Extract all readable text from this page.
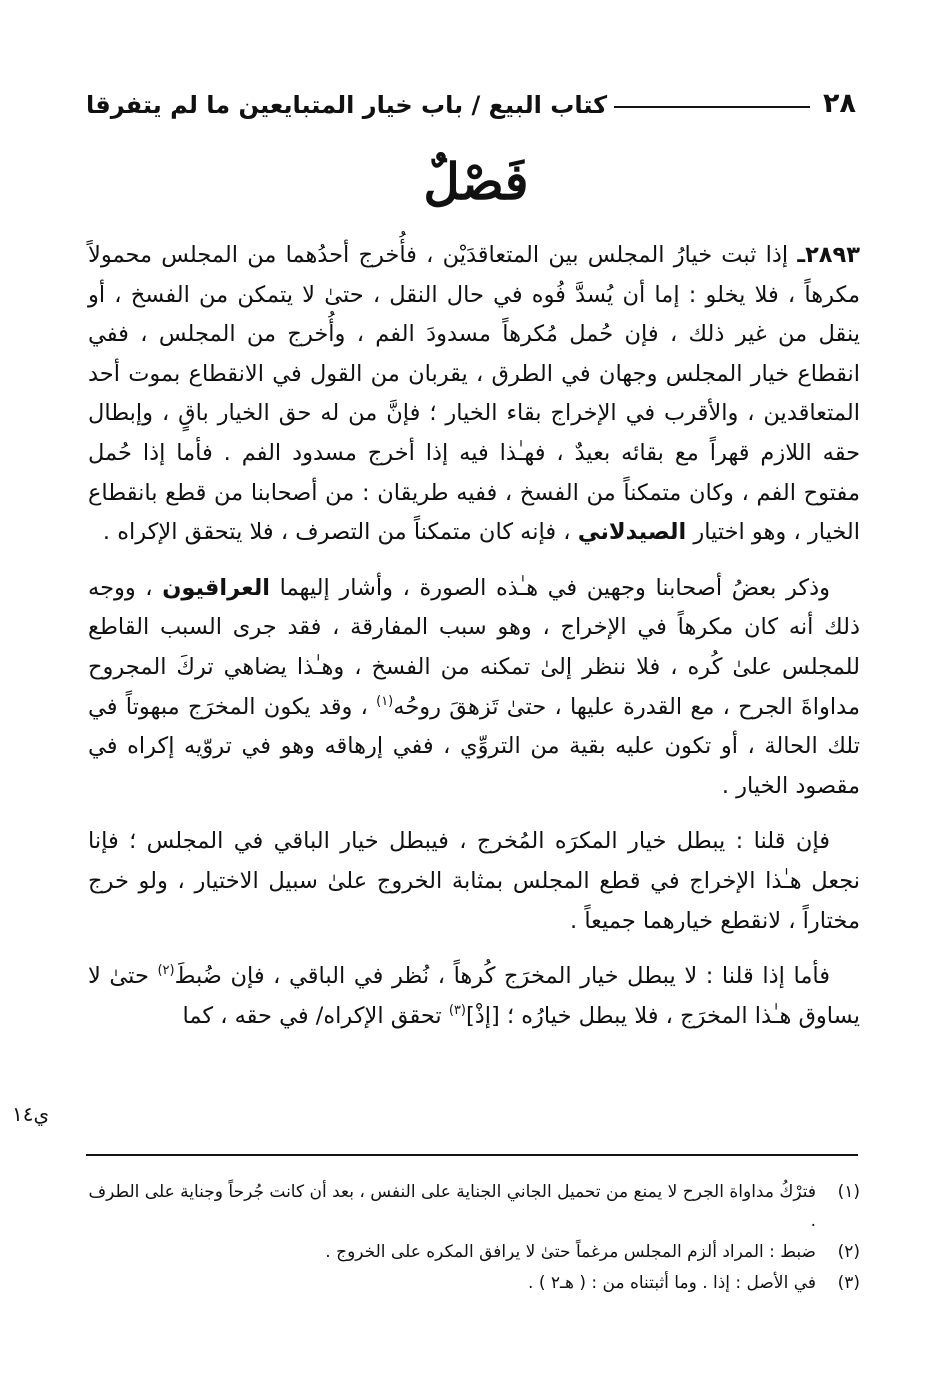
٢٨
كتاب البيع / باب خيار المتبايعين ما لم يتفرقا
فَصْلٌ

٢٨٩٣ـ إذا ثبت خيارُ المجلس بين المتعاقدَيْن ، فأُخرج أحدُهما من المجلس محمولاً مكرهاً ، فلا يخلو : إما أن يُسدَّ فُوه في حال النقل ، حتىٰ لا يتمكن من الفسخ ، أو ينقل من غير ذلك ، فإن حُمل مُكرهاً مسدودَ الفم ، وأُخرج من المجلس ، ففي انقطاع خيار المجلس وجهان في الطرق ، يقربان من القول في الانقطاع بموت أحد المتعاقدين ، والأقرب في الإخراج بقاء الخيار ؛ فإنَّ من له حق الخيار باقٍ ، وإبطال حقه اللازم قهراً مع بقائه بعيدٌ ، فهـٰذا فيه إذا أخرج مسدود الفم . فأما إذا حُمل مفتوح الفم ، وكان متمكناً من الفسخ ، ففيه طريقان : من أصحابنا من قطع بانقطاع الخيار ، وهو اختيار الصيدلاني ، فإنه كان متمكناً من التصرف ، فلا يتحقق الإكراه .

وذكر بعضُ أصحابنا وجهين في هـٰذه الصورة ، وأشار إليهما العراقيون ، ووجه ذلك أنه كان مكرهاً في الإخراج ، وهو سبب المفارقة ، فقد جرى السبب القاطع للمجلس علىٰ كُره ، فلا ننظر إلىٰ تمكنه من الفسخ ، وهـٰذا يضاهي تركَ المجروح مداواةَ الجرح ، مع القدرة عليها ، حتىٰ تَزهقَ روحُه$^{(١)}$ ، وقد يكون المخرَج مبهوتاً في تلك الحالة ، أو تكون عليه بقية من التروِّي ، ففي إرهاقه وهو في تروّيه إكراه في مقصود الخيار .

فإن قلنا : يبطل خيار المكرَه المُخرج ، فيبطل خيار الباقي في المجلس ؛ فإنا نجعل هـٰذا الإخراج في قطع المجلس بمثابة الخروج علىٰ سبيل الاختيار ، ولو خرج مختاراً ، لانقطع خيارهما جميعاً .

فأما إذا قلنا : لا يبطل خيار المخرَج كُرهاً ، نُظر في الباقي ، فإن ضُبطَ$^{(٢)}$ حتىٰ لا يساوق هـٰذا المخرَج ، فلا يبطل خيارُه ؛ [إذْ]$^{(٣)}$ تحقق الإكراه/ في حقه ، كما

ي١٤
(١)
فترْكُ مداواة الجرح لا يمنع من تحميل الجاني الجناية على النفس ، بعد أن كانت جُرحاً وجناية على الطرف .
(٢)
ضبط : المراد ألزم المجلس مرغماً حتىٰ لا يرافق المكره على الخروج .
(٣)
في الأصل : إذا . وما أثبتناه من : ( هـ٢ ) .
